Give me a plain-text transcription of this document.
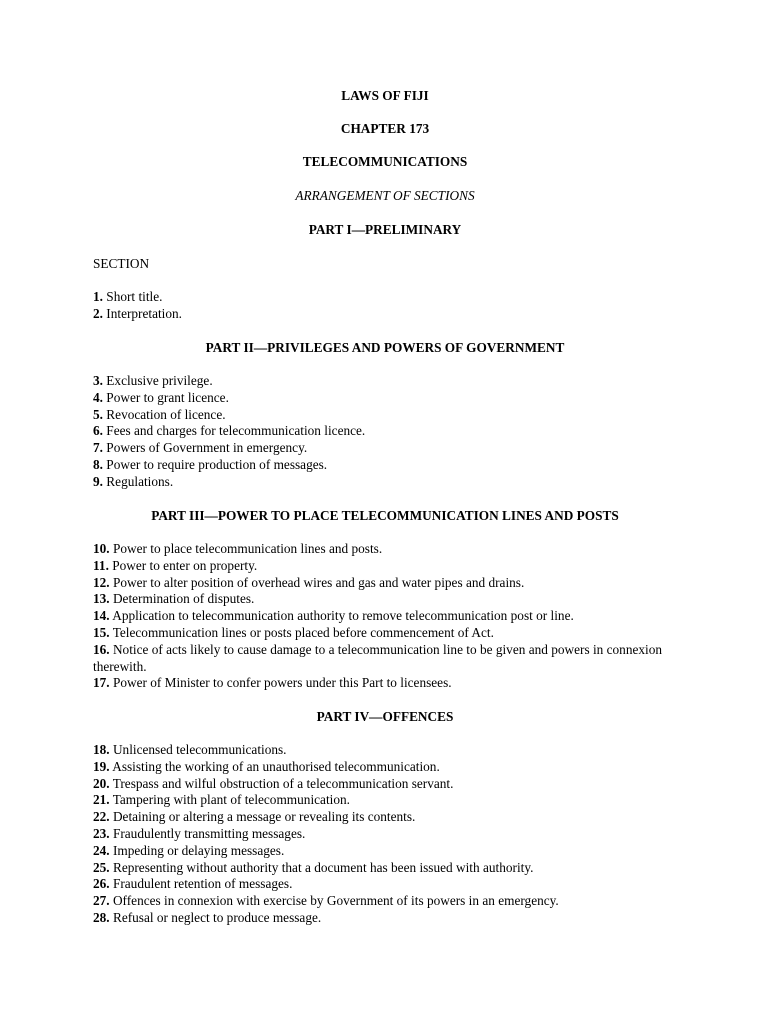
LAWS OF FIJI
CHAPTER 173
TELECOMMUNICATIONS
ARRANGEMENT OF SECTIONS
PART I—PRELIMINARY
SECTION
1. Short title.
2. Interpretation.
PART II—PRIVILEGES AND POWERS OF GOVERNMENT
3. Exclusive privilege.
4. Power to grant licence.
5. Revocation of licence.
6. Fees and charges for telecommunication licence.
7. Powers of Government in emergency.
8. Power to require production of messages.
9. Regulations.
PART III—POWER TO PLACE TELECOMMUNICATION LINES AND POSTS
10. Power to place telecommunication lines and posts.
11. Power to enter on property.
12. Power to alter position of overhead wires and gas and water pipes and drains.
13. Determination of disputes.
14. Application to telecommunication authority to remove telecommunication post or line.
15. Telecommunication lines or posts placed before commencement of Act.
16. Notice of acts likely to cause damage to a telecommunication line to be given and powers in connexion therewith.
17. Power of Minister to confer powers under this Part to licensees.
PART IV—OFFENCES
18. Unlicensed telecommunications.
19. Assisting the working of an unauthorised telecommunication.
20. Trespass and wilful obstruction of a telecommunication servant.
21. Tampering with plant of telecommunication.
22. Detaining or altering a message or revealing its contents.
23. Fraudulently transmitting messages.
24. Impeding or delaying messages.
25. Representing without authority that a document has been issued with authority.
26. Fraudulent retention of messages.
27. Offences in connexion with exercise by Government of its powers in an emergency.
28. Refusal or neglect to produce message.
